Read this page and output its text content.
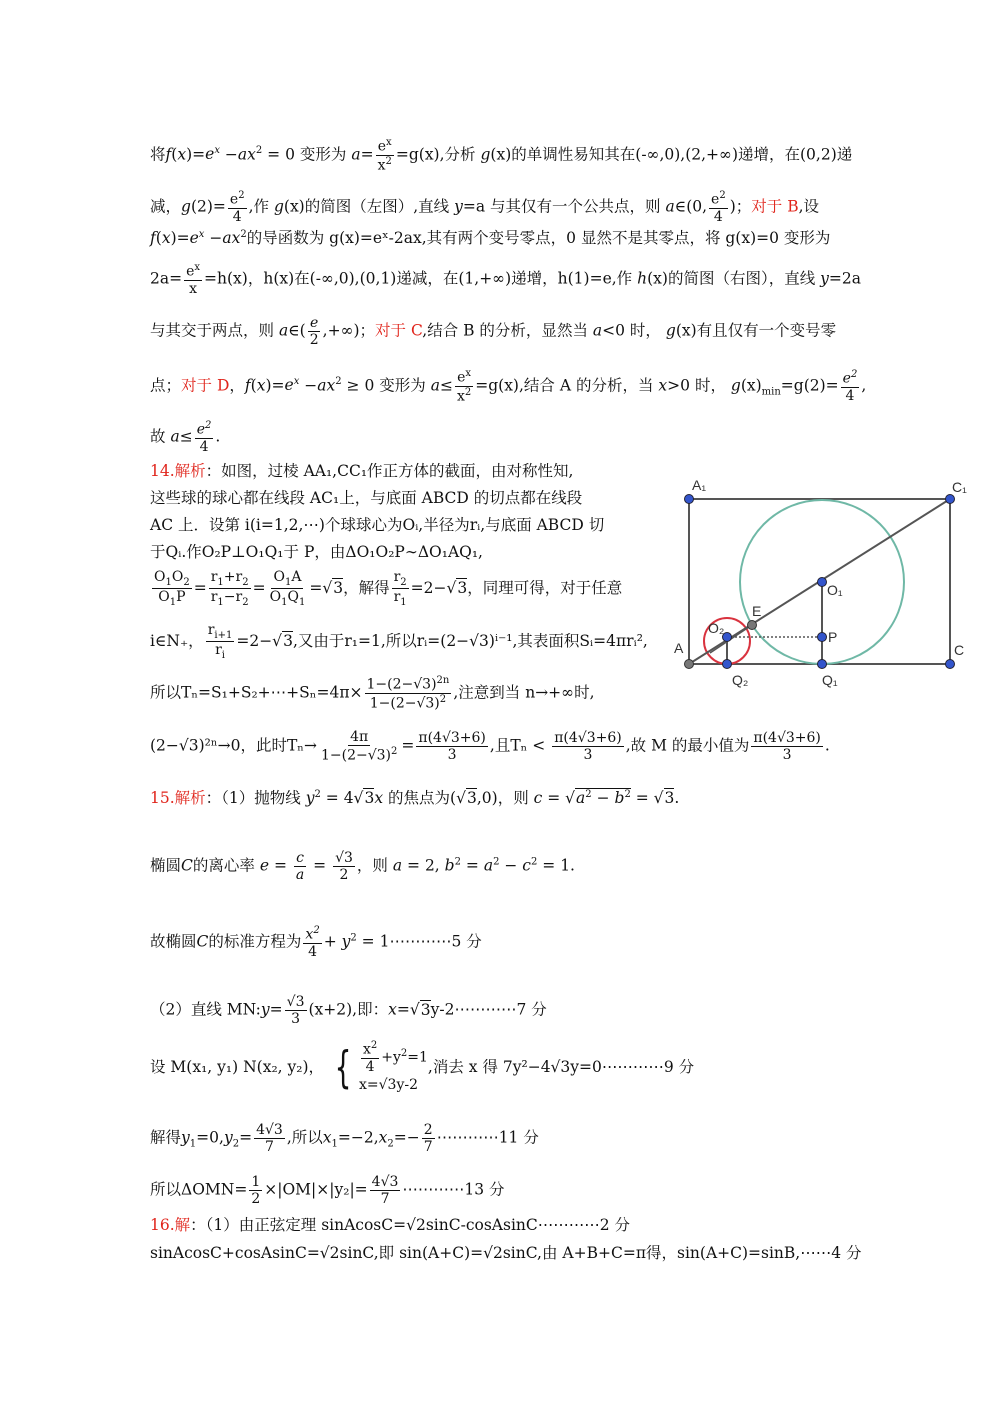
将$f(x)=e^x -ax^2 = 0$ 变形为 $a= \frac{e^x}{x^2} =g(x)$,分析 g(x)的单调性易知其在(-∞,0),(2,+∞)递增，在(0,2)递
减，$g(2)= \frac{e^2}{4}$ ,作 g(x)的简图（左图）,直线 y=a 与其仅有一个公共点，则 a∈(0, $\frac{e^2}{4}$ )；对于 B,设
$f(x)=e^x -ax^2$的导函数为 g(x)=eˣ-2ax,其有两个变号零点，0 显然不是其零点，将 g(x)=0 变形为
$2a= \frac{e^x}{x} =h(x)$，h(x)在(-∞,0),(0,1)递减，在(1,+∞)递增，h(1)=e,作 h(x)的简图（右图），直线 y=2a
与其交于两点，则 a∈( $\frac{e}{2}$ ,+∞)；对于 C,结合 B 的分析，显然当 a<0 时， g(x)有且仅有一个变号零
点；对于 D，$f(x)=e^x -ax^2 \ge 0$ 变形为 $a\le \frac{e^x}{x^2} =g(x)$,结合 A 的分析，当 x>0 时， $g(x)_{min}=g(2)= \frac{e^2}{4}$ ,
故 $a\le \frac{e^2}{4}$ .
14.解析：如图，过棱 AA₁,CC₁作正方体的截面，由对称性知,
这些球的球心都在线段 AC₁上，与底面 ABCD 的切点都在线段
AC 上．设第 i(i=1,2,⋯)个球球心为Oᵢ,半径为rᵢ,与底面 ABCD 切
于Qᵢ.作O₂P⊥O₁Q₁于 P，由ΔO₁O₂P∼ΔO₁AQ₁,
$\frac{O_1O_2}{O_1P} = \frac{r_1+r_2}{r_1-r_2} = \frac{O_1A}{O_1Q_1} =√3$，解得 $\frac{r_2}{r_1} =2-√3$，同理可得，对于任意
i∈N₊， $\frac{r_{i+1}}{r_i} =2-√3$,又由于r₁=1,所以rᵢ=(2−√3)ⁱ⁻¹,其表面积Sᵢ=4πrᵢ²,
所以Tₙ=S₁+S₂+⋯+Sₙ=4π× $\frac{1-(2-√3)^{2n}}{1-(2-√3)^2}$ ,注意到当 n→+∞时,
(2−√3)²ⁿ→0，此时$T_n\to \frac{4\pi}{1-(2-√3)^2} = \frac{\pi(4√3+6)}{3}$ ,且$T_n < \frac{\pi(4√3+6)}{3}$ ,故 M 的最小值为 $\frac{\pi(4√3+6)}{3}$ .
A₁	C₁
O₁
E
O₂
P
A	C
Q₂	Q₁
15.解析：（1）抛物线 $y^2 = 4√3x$ 的焦点为(√3,0)，则 $c = √a^2 - b^2 = √3$.
椭圆C的离心率 $e = \frac{c}{a} = \frac{√3}{2}$ ，则 a = 2, $b^2 = a^2 - c^2 = 1$.
故椭圆C的标准方程为 $\frac{x^2}{4} + y^2$ = 1⋯⋯⋯⋯5 分
（2）直线 MN:y= $\frac{√3}{3} (x+2)$,即：x=√3y-2⋯⋯⋯⋯7 分
设 M(x₁, y₁) N(x₂, y₂)， { $\frac{x^2}{4} +y^2=1$
x=√3y-2
,消去 x 得 7y²−4√3y=0⋯⋯⋯⋯9 分
解得$y_1=0,y_2= \frac{4√3}{7}$ ,所以$x_1=-2,x_2=- \frac{2}{7}$ ⋯⋯⋯⋯11 分
所以$\Delta OMN= \frac{1}{2} \times|OM|\times|y_2|= \frac{4√3}{7}$ ⋯⋯⋯⋯13 分
16.解：（1）由正弦定理 sinAcosC=√2sinC-cosAsinC⋯⋯⋯⋯2 分
sinAcosC+cosAsinC=√2sinC,即 sin(A+C)=√2sinC,由 A+B+C=π得，sin(A+C)=sinB,⋯⋯4 分
